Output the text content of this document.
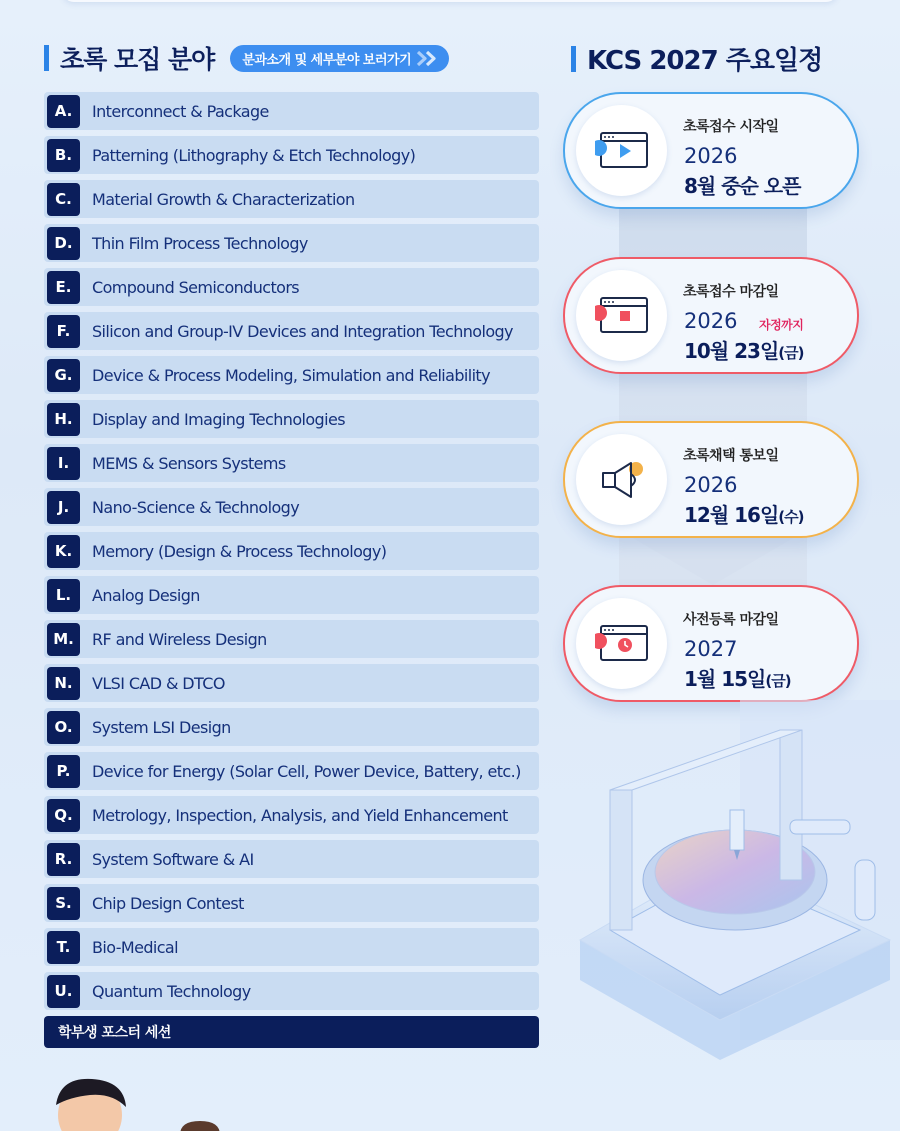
초록 모집 분야 분과소개 및 세부분야 보러가기
A.	Interconnect & Package
B.	Patterning (Lithography & Etch Technology)
C.	Material Growth & Characterization
D.	Thin Film Process Technology
E.	Compound Semiconductors
F.	Silicon and Group-IV Devices and Integration Technology
G.	Device & Process Modeling, Simulation and Reliability
H.	Display and Imaging Technologies
I.	MEMS & Sensors Systems
J.	Nano-Science & Technology
K.	Memory (Design & Process Technology)
L.	Analog Design
M.	RF and Wireless Design
N.	VLSI CAD & DTCO
O.	System LSI Design
P.	Device for Energy (Solar Cell, Power Device, Battery, etc.)
Q.	Metrology, Inspection, Analysis, and Yield Enhancement
R.	System Software & AI
S.	Chip Design Contest
T.	Bio-Medical
U.	Quantum Technology
학부생 포스터 세션
KCS 2027 주요일정
초록접수 시작일
2026
8월 중순 오픈
초록접수 마감일
2026 자정까지
10월 23일(금)
초록채택 통보일
2026
12월 16일(수)
사전등록 마감일
2027
1월 15일(금)
